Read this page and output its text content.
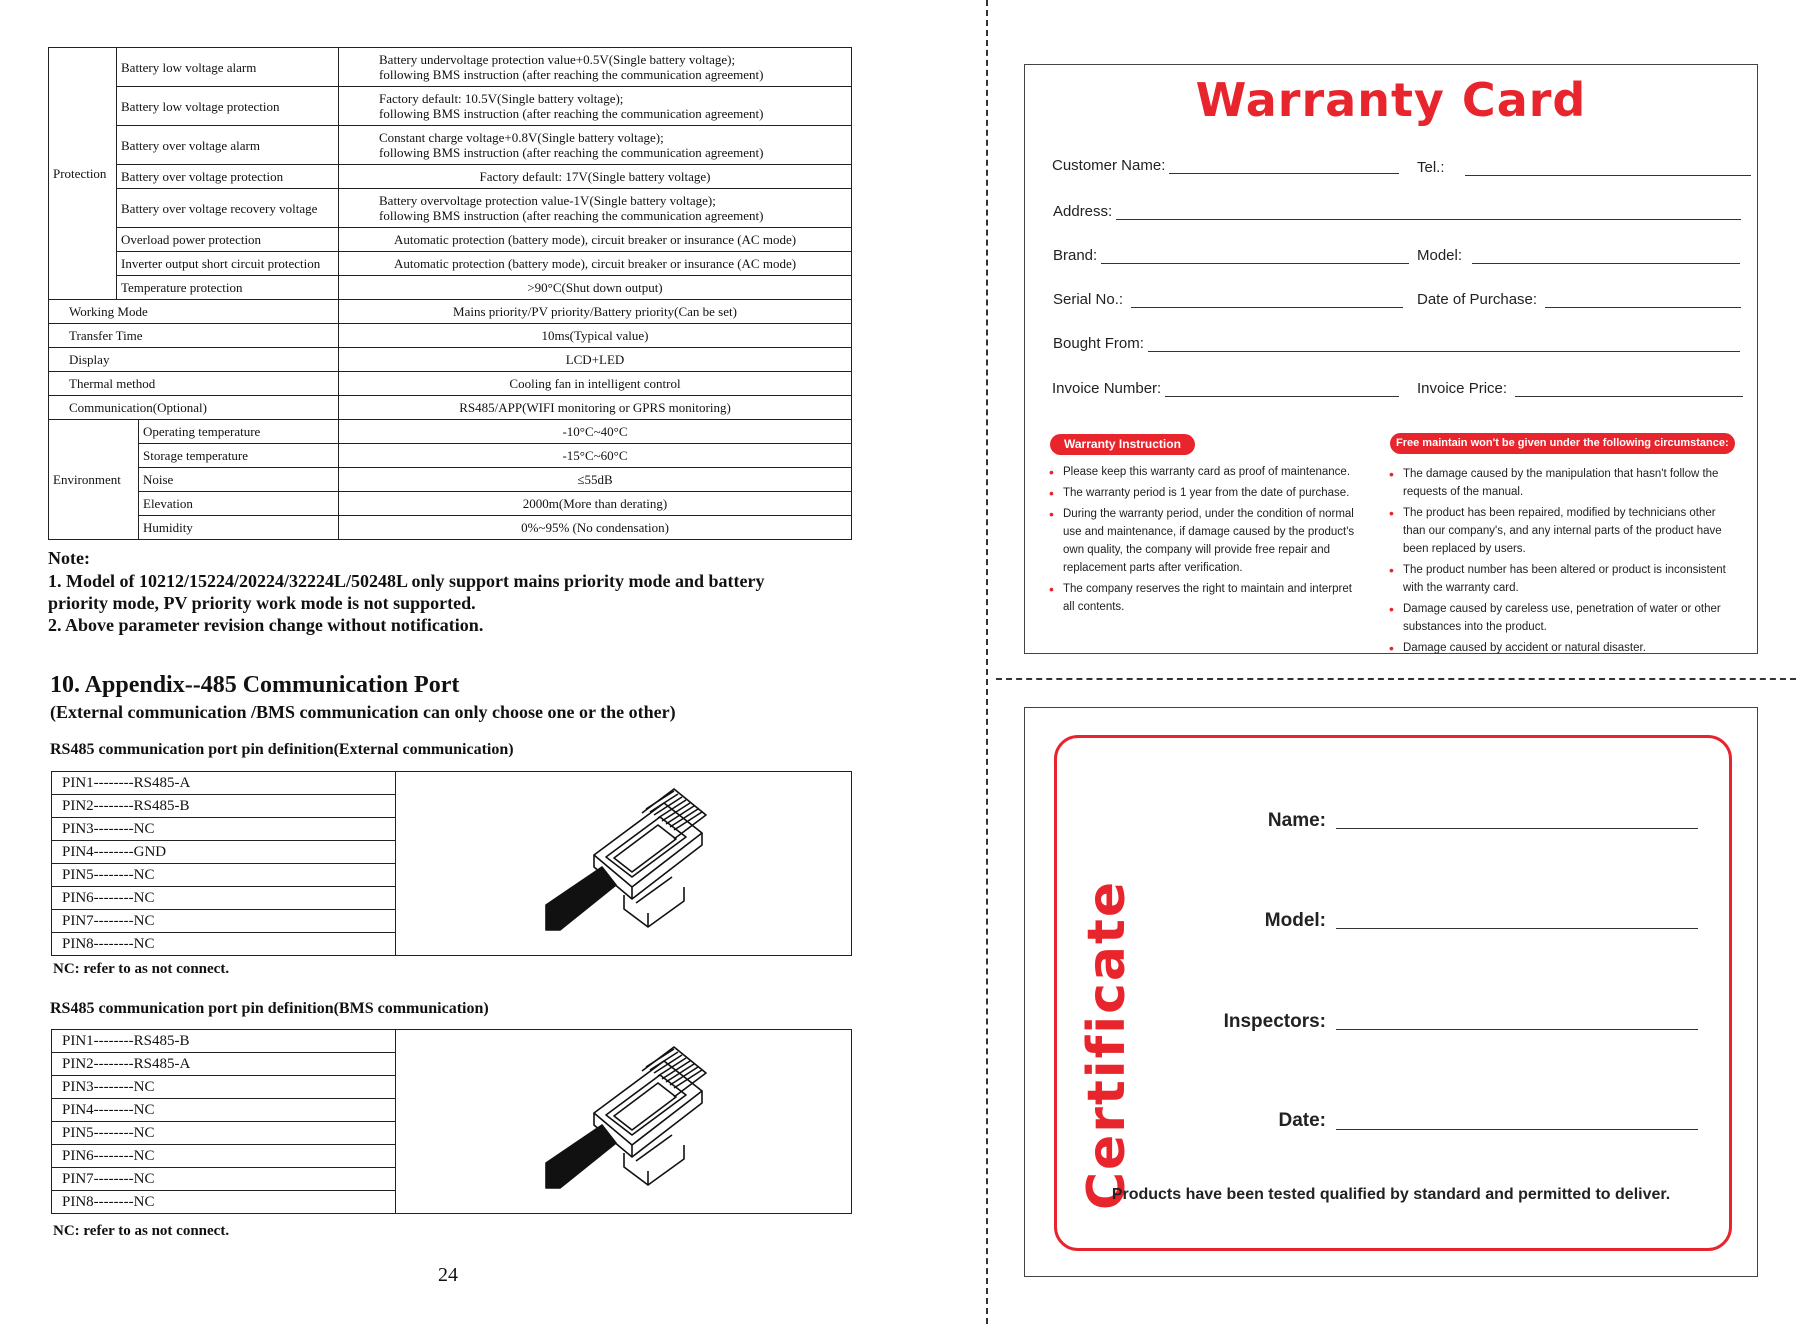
Protection	Battery low voltage alarm		Battery undervoltage protection value+0.5V(Single battery voltage);
following BMS instruction (after reaching the communication agreement)
	Battery low voltage protection		Factory default: 10.5V(Single battery voltage);
following BMS instruction (after reaching the communication agreement)
	Battery over voltage alarm		Constant charge voltage+0.8V(Single battery voltage);
following BMS instruction (after reaching the communication agreement)
	Battery over voltage protection		Factory default: 17V(Single battery voltage)
	Battery over voltage recovery voltage		Battery overvoltage protection value-1V(Single battery voltage);
following BMS instruction (after reaching the communication agreement)
	Overload power protection		Automatic protection (battery mode), circuit breaker or insurance (AC mode)
	Inverter output short circuit protection		Automatic protection (battery mode), circuit breaker or insurance (AC mode)
	Temperature protection		>90°C(Shut down output)
Working Mode			Mains priority/PV priority/Battery priority(Can be set)
Transfer Time			10ms(Typical value)
Display			LCD+LED
Thermal method			Cooling fan in intelligent control
Communication(Optional)			RS485/APP(WIFI monitoring or GPRS monitoring)
Environment		Operating temperature	-10°C~40°C
		Storage temperature	-15°C~60°C
		Noise	≤55dB
		Elevation	2000m(More than derating)
		Humidity	0%~95% (No condensation)
Note:
1. Model of 10212/15224/20224/32224L/50248L only support mains priority mode and battery
priority mode, PV priority work mode is not supported.
2. Above parameter revision change without notification.
10. Appendix--485 Communication Port
(External communication /BMS communication can only choose one or the other)
RS485 communication port pin definition(External communication)
PIN1--------RS485-A	
PIN2--------RS485-B
PIN3--------NC
PIN4--------GND
PIN5--------NC
PIN6--------NC
PIN7--------NC
PIN8--------NC
NC: refer to as not connect.
RS485 communication port pin definition(BMS communication)
PIN1--------RS485-B	
PIN2--------RS485-A
PIN3--------NC
PIN4--------NC
PIN5--------NC
PIN6--------NC
PIN7--------NC
PIN8--------NC
NC: refer to as not connect.
24
Warranty Card
Customer Name:	Tel.:
Address:
Brand:	Model:
Serial No.:	Date of Purchase:
Bought From:
Invoice Number:	Invoice Price:
Warranty Instruction	Free maintain won't be given under the following circumstance:
• Please keep this warranty card as proof of maintenance.
• The warranty period is 1 year from the date of purchase.
• During the warranty period, under the condition of normal use and maintenance, if damage caused by the product's own quality, the company will provide free repair and replacement parts after verification.
• The company reserves the right to maintain and interpret all contents.
• The damage caused by the manipulation that hasn't follow the requests of the manual.
• The product has been repaired, modified by technicians other than our company's, and any internal parts of the product have been replaced by users.
• The product number has been altered or product is inconsistent with the warranty card.
• Damage caused by careless use, penetration of water or other substances into the product.
• Damage caused by accident or natural disaster.
Certificate
Name:
Model:
Inspectors:
Date:
Products have been tested qualified by standard and permitted to deliver.
